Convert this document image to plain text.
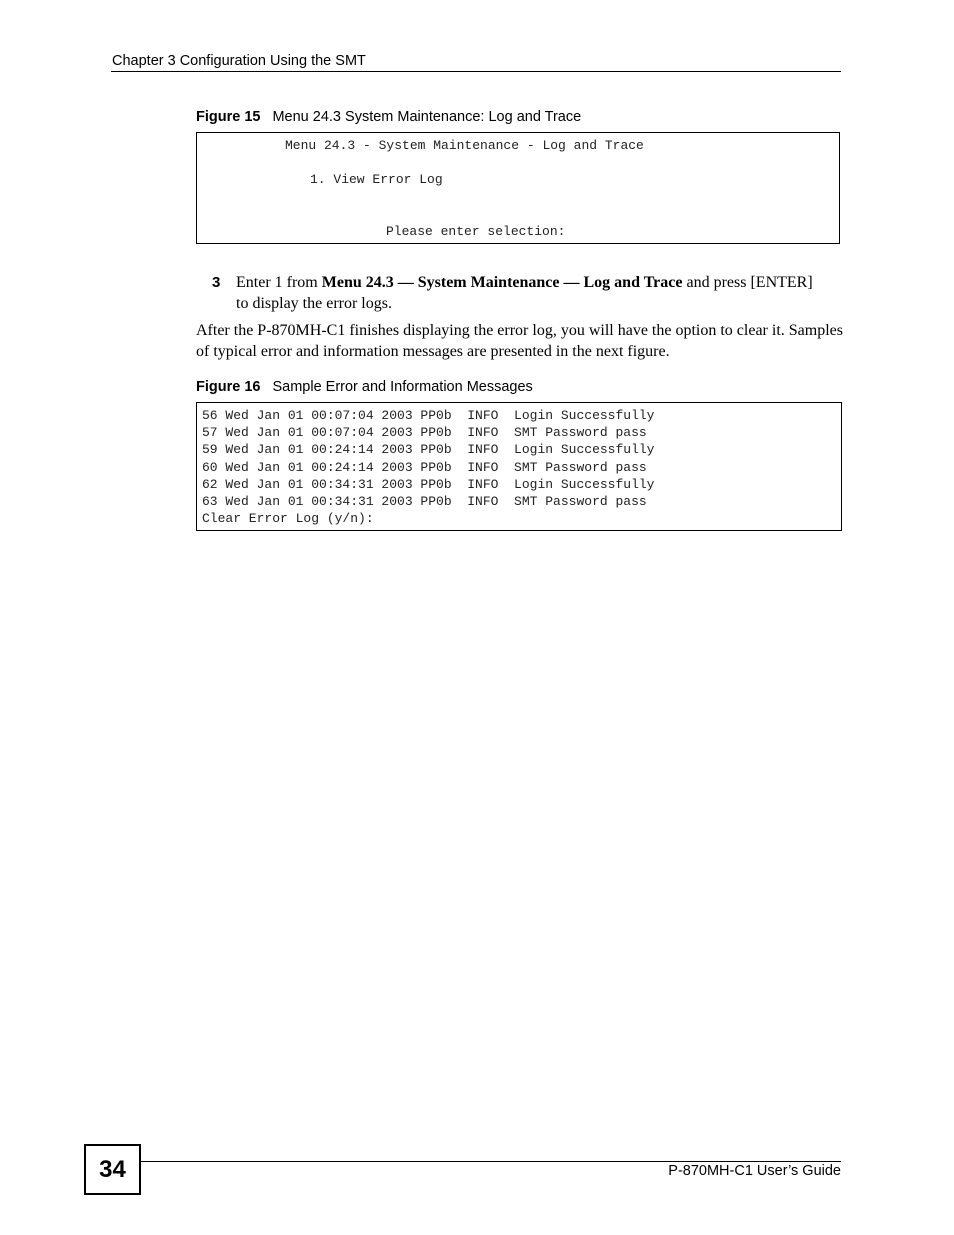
Chapter 3 Configuration Using the SMT
Figure 15 Menu 24.3 System Maintenance: Log and Trace
Menu 24.3 - System Maintenance - Log and Trace
1. View Error Log
Please enter selection:
3 Enter 1 from Menu 24.3 — System Maintenance — Log and Trace and press [ENTER] to display the error logs.
After the P-870MH-C1 finishes displaying the error log, you will have the option to clear it. Samples of typical error and information messages are presented in the next figure.
Figure 16 Sample Error and Information Messages
56 Wed Jan 01 00:07:04 2003 PP0b  INFO  Login Successfully
57 Wed Jan 01 00:07:04 2003 PP0b  INFO  SMT Password pass
59 Wed Jan 01 00:24:14 2003 PP0b  INFO  Login Successfully
60 Wed Jan 01 00:24:14 2003 PP0b  INFO  SMT Password pass
62 Wed Jan 01 00:34:31 2003 PP0b  INFO  Login Successfully
63 Wed Jan 01 00:34:31 2003 PP0b  INFO  SMT Password pass
Clear Error Log (y/n):
34	P-870MH-C1 User’s Guide
